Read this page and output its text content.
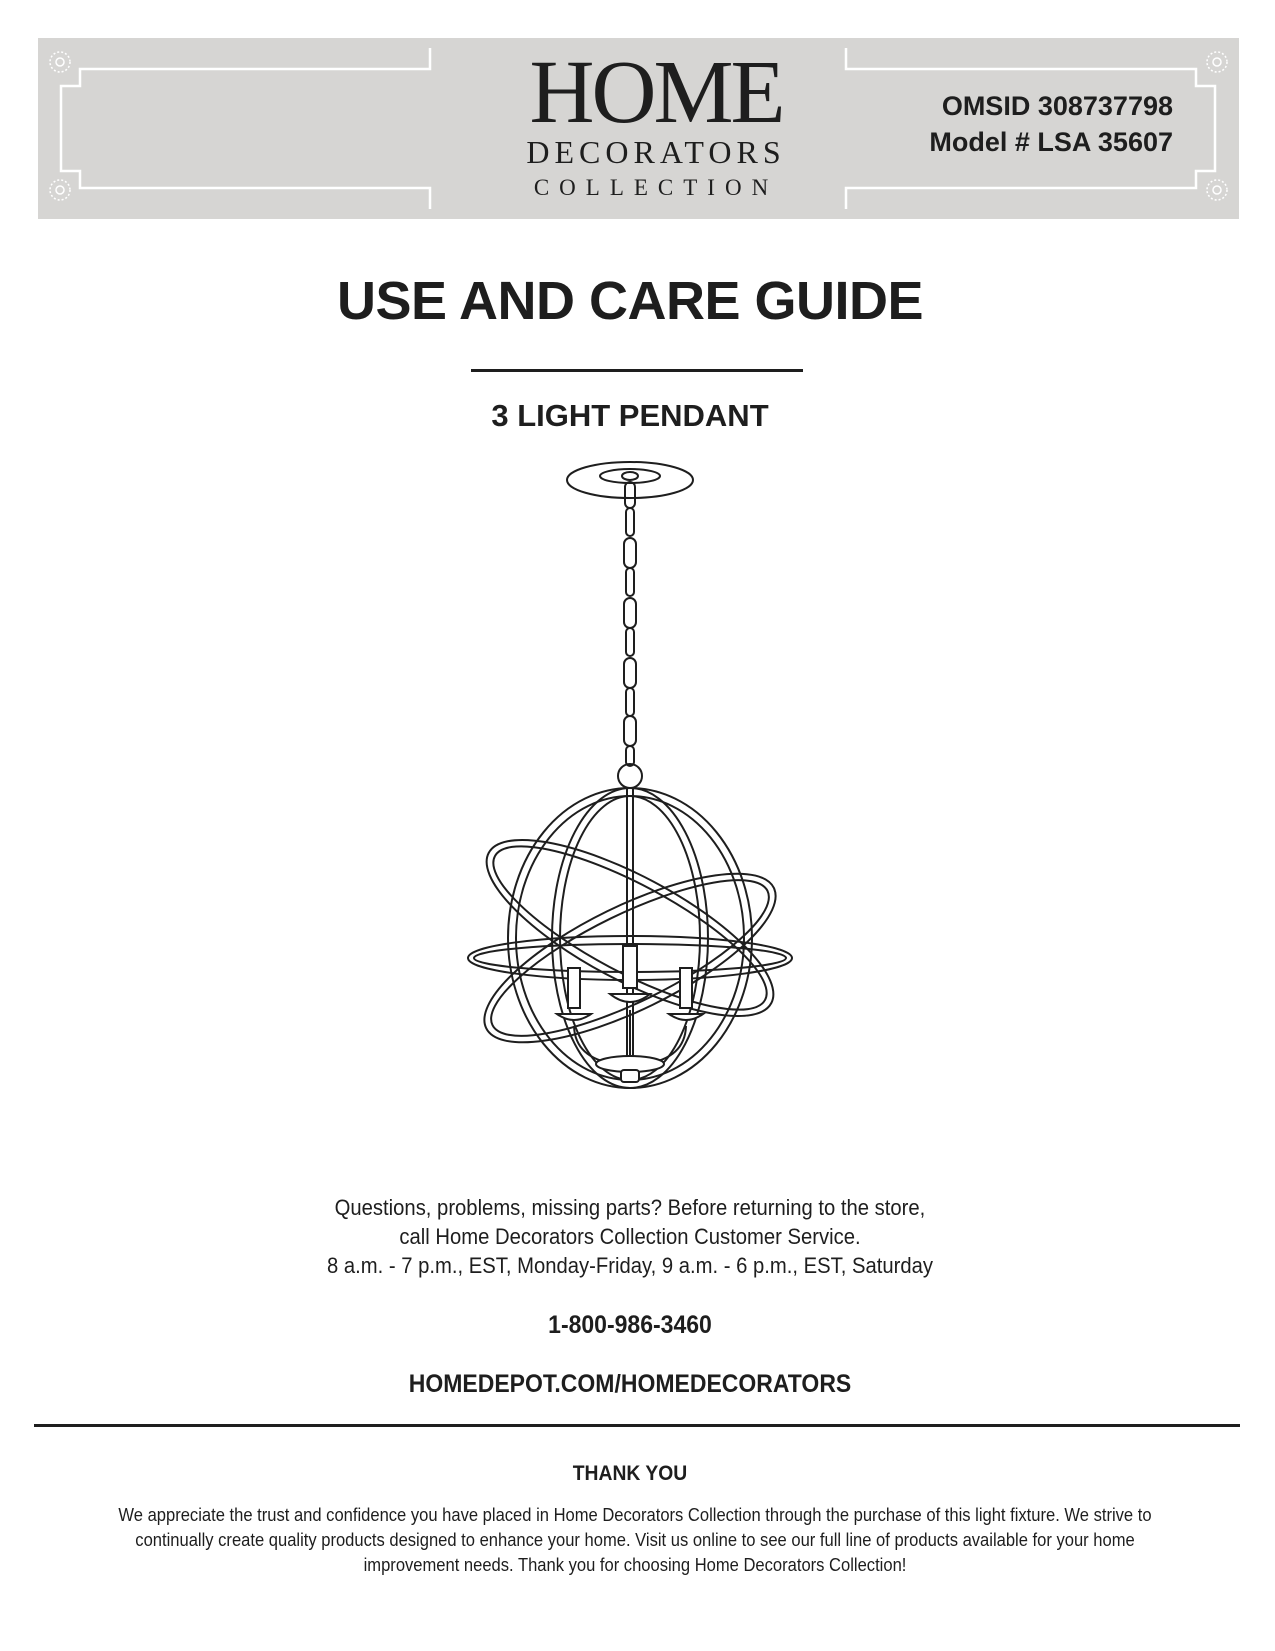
HOME
DECORATORS
COLLECTION
OMSID 308737798
Model # LSA 35607
USE AND CARE GUIDE
3 LIGHT PENDANT
Questions, problems, missing parts? Before returning to the store,
call Home Decorators Collection Customer Service.
8 a.m. - 7 p.m., EST, Monday-Friday, 9 a.m. - 6 p.m., EST, Saturday
1-800-986-3460
HOMEDEPOT.COM/HOMEDECORATORS
THANK YOU
We appreciate the trust and confidence you have placed in Home Decorators Collection through the purchase of this light fixture. We strive to continually create quality products designed to enhance your home. Visit us online to see our full line of products available for your home improvement needs. Thank you for choosing Home Decorators Collection!
